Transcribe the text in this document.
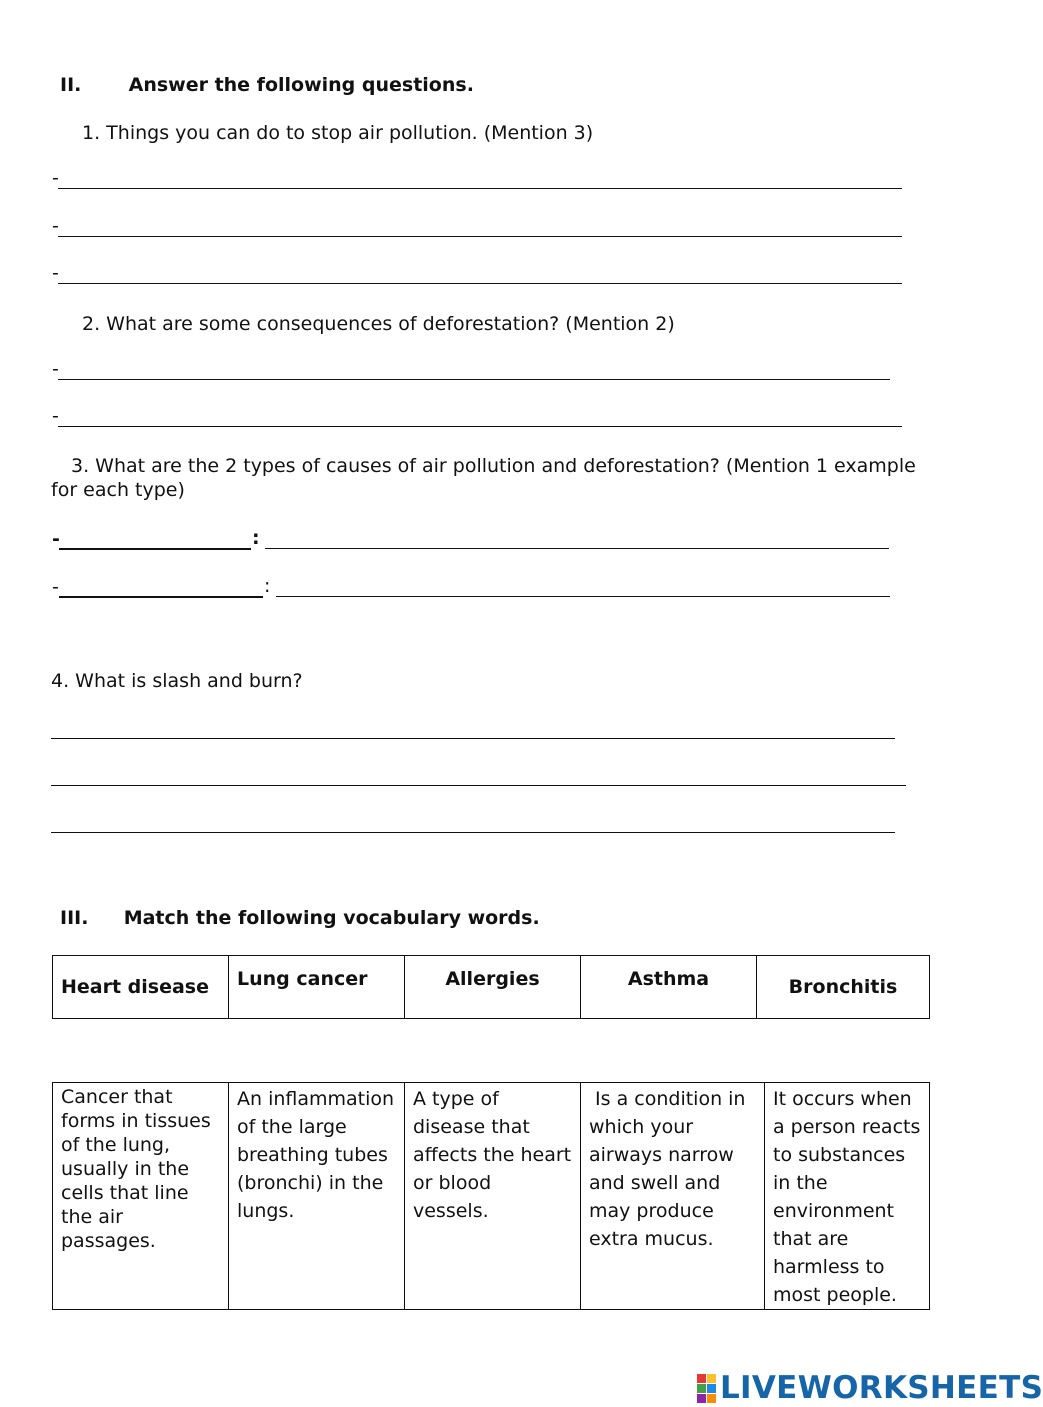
II. Answer the following questions.
1. Things you can do to stop air pollution. (Mention 3)
-
-
-
2. What are some consequences of deforestation? (Mention 2)
-
-
3. What are the 2 types of causes of air pollution and deforestation? (Mention 1 example for each type)
-	:
-	:
4. What is slash and burn?
III. Match the following vocabulary words.
Heart disease	Lung cancer	Allergies	Asthma	Bronchitis
Cancer that forms in tissues of the lung, usually in the cells that line the air passages.	An inflammation of the large breathing tubes (bronchi) in the lungs.	A type of disease that affects the heart or blood vessels.	Is a condition in which your airways narrow and swell and may produce extra mucus.	It occurs when a person reacts to substances in the environment that are harmless to most people.
LIVEWORKSHEETS
